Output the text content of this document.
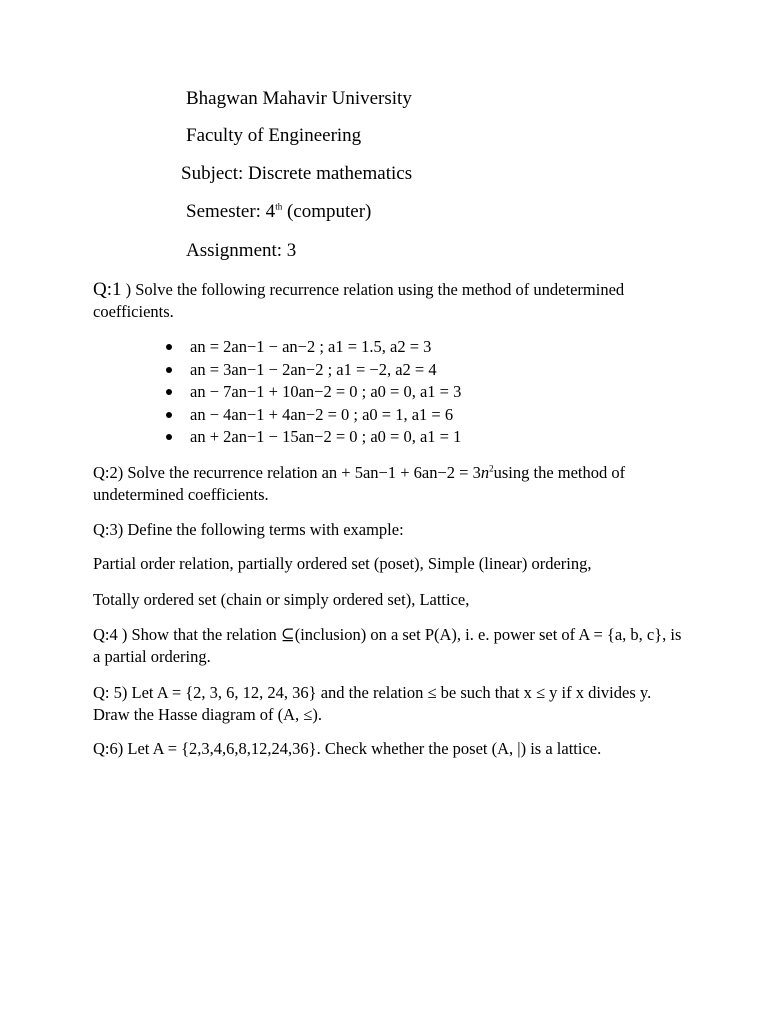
Bhagwan Mahavir University
Faculty of Engineering
Subject: Discrete mathematics
Semester: 4th (computer)
Assignment: 3
Q:1 ) Solve the following recurrence relation using the method of undetermined coefficients.
an = 2an−1 − an−2 ; a1 = 1.5, a2 = 3
an = 3an−1 − 2an−2 ; a1 = −2, a2 = 4
an − 7an−1 + 10an−2 = 0 ; a0 = 0, a1 = 3
an − 4an−1 + 4an−2 = 0 ; a0 = 1, a1 = 6
an + 2an−1 − 15an−2 = 0 ; a0 = 0, a1 = 1
Q:2) Solve the recurrence relation an + $5an-1 + 6an-2 = 3n^2using$ the method of undetermined coefficients.
Q:3) Define the following terms with example:
Partial order relation, partially ordered set (poset), Simple (linear) ordering,
Totally ordered set (chain or simply ordered set), Lattice,
Q:4 ) Show that the relation ⊆(inclusion) on a set P(A), i. e. power set of A = {a, b, c}, is a partial ordering.
Q: 5) Let A = {2, 3, 6, 12, 24, 36} and the relation ≤ be such that x ≤ y if x divides y. Draw the Hasse diagram of (A, ≤).
Q:6) Let A = {2,3,4,6,8,12,24,36}. Check whether the poset (A, |) is a lattice.
